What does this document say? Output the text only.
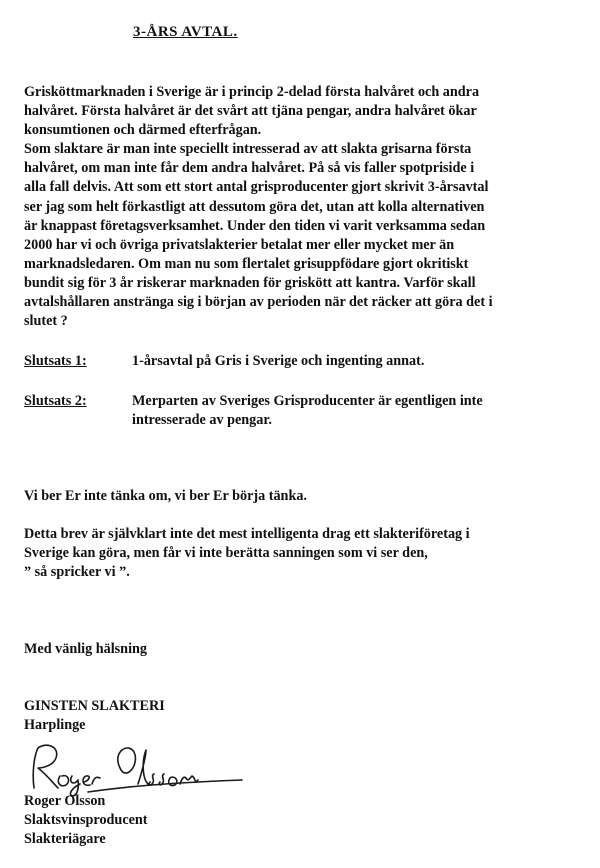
3-ÅRS AVTAL.
Grisköttmarknaden i Sverige är i princip 2-delad första halvåret och andra
halvåret. Första halvåret är det svårt att tjäna pengar, andra halvåret ökar
konsumtionen och därmed efterfrågan.
Som slaktare är man inte speciellt intresserad av att slakta grisarna första
halvåret, om man inte får dem andra halvåret. På så vis faller spotpriside i
alla fall delvis. Att som ett stort antal grisproducenter gjort skrivit 3-årsavtal
ser jag som helt förkastligt att dessutom göra det, utan att kolla alternativen
är knappast företagsverksamhet. Under den tiden vi varit verksamma sedan
2000 har vi och övriga privatslakterier betalat mer eller mycket mer än
marknadsledaren. Om man nu som flertalet grisuppfödare gjort okritiskt
bundit sig för 3 år riskerar marknaden för griskött att kantra. Varför skall
avtalshållaren anstränga sig i början av perioden när det räcker att göra det i
slutet ?
Slutsats 1:	1-årsavtal på Gris i Sverige och ingenting annat.
Slutsats 2:	Merparten av Sveriges Grisproducenter är egentligen inte
intresserade av pengar.
Vi ber Er inte tänka om, vi ber Er börja tänka.
Detta brev är självklart inte det mest intelligenta drag ett slakteriföretag i
Sverige kan göra, men får vi inte berätta sanningen som vi ser den,
” så spricker vi ”.
Med vänlig hälsning
GINSTEN SLAKTERI
Harplinge
Roger Olsson
Slaktsvinsproducent
Slakteriägare
